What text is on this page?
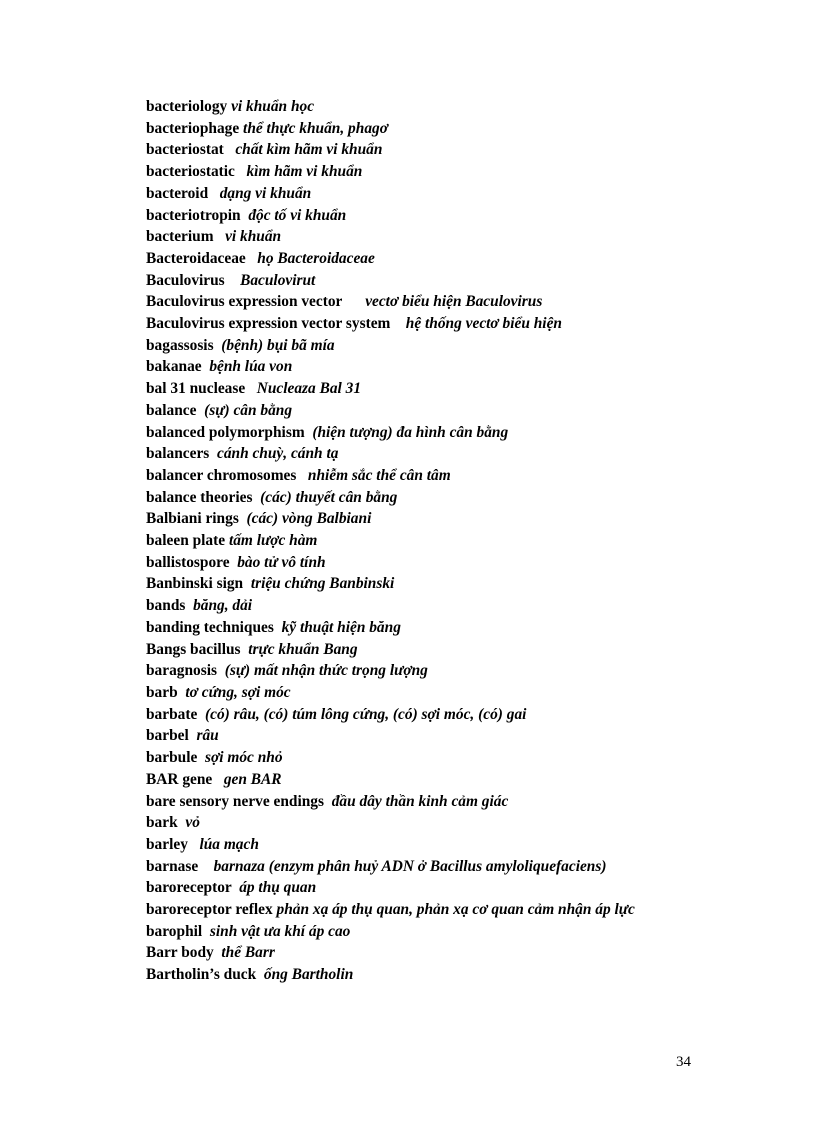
bacteriology vi khuẩn học

bacteriophage thể thực khuẩn, phagơ

bacteriostat chất kìm hãm vi khuẩn

bacteriostatic kìm hãm vi khuẩn

bacteroid dạng vi khuẩn

bacteriotropin độc tố vi khuẩn

bacterium vi khuẩn

Bacteroidaceae họ Bacteroidaceae

Baculovirus Baculovirut

Baculovirus expression vector vectơ biểu hiện Baculovirus

Baculovirus expression vector system hệ thống vectơ biểu hiện

bagassosis (bệnh) bụi bã mía

bakanae bệnh lúa von

bal 31 nuclease Nucleaza Bal 31

balance (sự) cân bằng

balanced polymorphism (hiện tượng) đa hình cân bằng

balancers cánh chuỳ, cánh tạ

balancer chromosomes nhiễm sắc thể cân tâm

balance theories (các) thuyết cân bằng

Balbiani rings (các) vòng Balbiani

baleen plate tấm lược hàm

ballistospore bào tử vô tính

Banbinski sign triệu chứng Banbinski

bands băng, dải

banding techniques kỹ thuật hiện băng

Bangs bacillus trực khuẩn Bang

baragnosis (sự) mất nhận thức trọng lượng

barb tơ cứng, sợi móc

barbate (có) râu, (có) túm lông cứng, (có) sợi móc, (có) gai

barbel râu

barbule sợi móc nhỏ

BAR gene gen BAR

bare sensory nerve endings đầu dây thần kinh cảm giác

bark vỏ

barley lúa mạch

barnase barnaza (enzym phân huỷ ADN ở Bacillus amyloliquefaciens)

baroreceptor áp thụ quan

baroreceptor reflex phản xạ áp thụ quan, phản xạ cơ quan cảm nhận áp lực

barophil sinh vật ưa khí áp cao

Barr body thể Barr

Bartholin’s duck ống Bartholin

34
